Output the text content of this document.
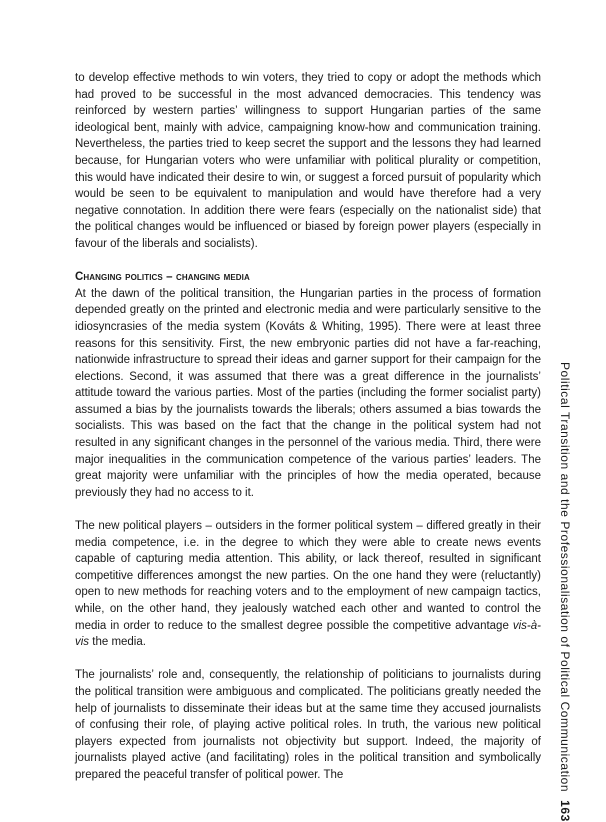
to develop effective methods to win voters, they tried to copy or adopt the methods which had proved to be successful in the most advanced democracies. This tendency was reinforced by western parties’ willingness to support Hungarian parties of the same ideological bent, mainly with advice, campaigning know-how and communication training. Nevertheless, the parties tried to keep secret the support and the lessons they had learned because, for Hungarian voters who were unfamiliar with political plurality or competition, this would have indicated their desire to win, or suggest a forced pursuit of popularity which would be seen to be equivalent to manipulation and would have therefore had a very negative connotation. In addition there were fears (especially on the nationalist side) that the political changes would be influenced or biased by foreign power players (especially in favour of the liberals and socialists).

Changing politics – changing media

At the dawn of the political transition, the Hungarian parties in the process of formation depended greatly on the printed and electronic media and were particularly sensitive to the idiosyncrasies of the media system (Kováts & Whiting, 1995). There were at least three reasons for this sensitivity. First, the new embryonic parties did not have a far-reaching, nationwide infrastructure to spread their ideas and garner support for their campaign for the elections. Second, it was assumed that there was a great difference in the journalists’ attitude toward the various parties. Most of the parties (including the former socialist party) assumed a bias by the journalists towards the liberals; others assumed a bias towards the socialists. This was based on the fact that the change in the political system had not resulted in any significant changes in the personnel of the various media. Third, there were major inequalities in the communication competence of the various parties’ leaders. The great majority were unfamiliar with the principles of how the media operated, because previously they had no access to it.

The new political players – outsiders in the former political system – differed greatly in their media competence, i.e. in the degree to which they were able to create news events capable of capturing media attention. This ability, or lack thereof, resulted in significant competitive differences amongst the new parties. On the one hand they were (reluctantly) open to new methods for reaching voters and to the employment of new campaign tactics, while, on the other hand, they jealously watched each other and wanted to control the media in order to reduce to the smallest degree possible the competitive advantage vis-à-vis the media.

The journalists’ role and, consequently, the relationship of politicians to journalists during the political transition were ambiguous and complicated. The politicians greatly needed the help of journalists to disseminate their ideas but at the same time they accused journalists of confusing their role, of playing active political roles. In truth, the various new political players expected from journalists not objectivity but support. Indeed, the majority of journalists played active (and facilitating) roles in the political transition and symbolically prepared the peaceful transfer of political power. The	Political Transition and the Professionalisation of Political Communication163
